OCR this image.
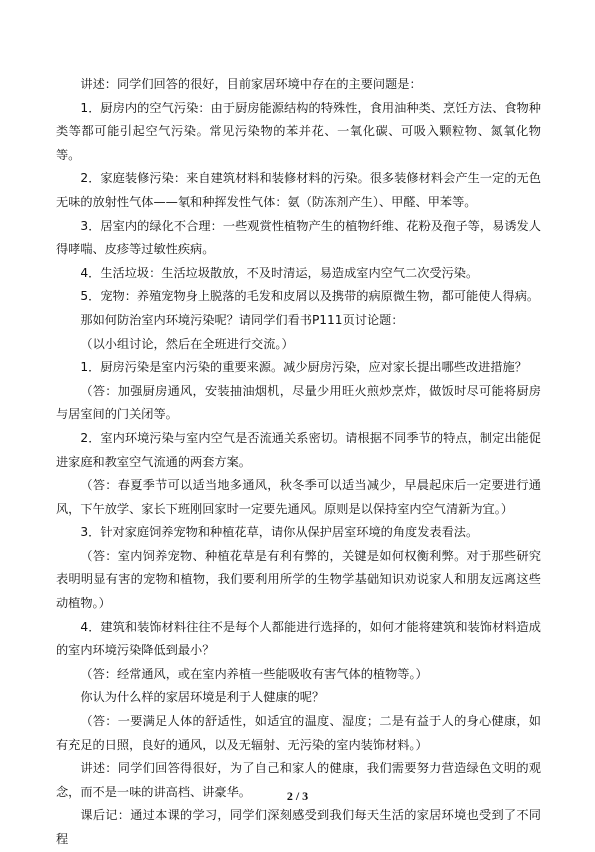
讲述：同学们回答的很好，目前家居环境中存在的主要问题是：

1．厨房内的空气污染：由于厨房能源结构的特殊性，食用油种类、烹饪方法、食物种类等都可能引起空气污染。常见污染物的苯并花、一氧化碳、可吸入颗粒物、氮氧化物等。

2．家庭装修污染：来自建筑材料和装修材料的污染。很多装修材料会产生一定的无色无味的放射性气体——氡和种挥发性气体：氨（防冻剂产生）、甲醛、甲苯等。

3．居室内的绿化不合理：一些观赏性植物产生的植物纤维、花粉及孢子等，易诱发人得哮喘、皮疹等过敏性疾病。

4．生活垃圾：生活垃圾散放，不及时清运，易造成室内空气二次受污染。

5．宠物：养殖宠物身上脱落的毛发和皮屑以及携带的病原微生物，都可能使人得病。

那如何防治室内环境污染呢？请同学们看书P111页讨论题：

（以小组讨论，然后在全班进行交流。）

1．厨房污染是室内污染的重要来源。减少厨房污染，应对家长提出哪些改进措施？

（答：加强厨房通风，安装抽油烟机，尽量少用旺火煎炒烹炸，做饭时尽可能将厨房与居室间的门关闭等。

2．室内环境污染与室内空气是否流通关系密切。请根据不同季节的特点，制定出能促进家庭和教室空气流通的两套方案。

（答：春夏季节可以适当地多通风，秋冬季可以适当减少，早晨起床后一定要进行通风，下午放学、家长下班刚回家时一定要先通风。原则是以保持室内空气清新为宜。）

3．针对家庭饲养宠物和种植花草，请你从保护居室环境的角度发表看法。

（答：室内饲养宠物、种植花草是有利有弊的，关键是如何权衡利弊。对于那些研究表明明显有害的宠物和植物，我们要利用所学的生物学基础知识劝说家人和朋友远离这些动植物。）

4．建筑和装饰材料往往不是每个人都能进行选择的，如何才能将建筑和装饰材料造成的室内环境污染降低到最小？

（答：经常通风，或在室内养植一些能吸收有害气体的植物等。）

你认为什么样的家居环境是利于人健康的呢？

（答：一要满足人体的舒适性，如适宜的温度、湿度；二是有益于人的身心健康，如有充足的日照，良好的通风，以及无辐射、无污染的室内装饰材料。）

讲述：同学们回答得很好，为了自己和家人的健康，我们需要努力营造绿色文明的观念，而不是一味的讲高档、讲豪华。

课后记：通过本课的学习，同学们深刻感受到我们每天生活的家居环境也受到了不同程

2 / 3
